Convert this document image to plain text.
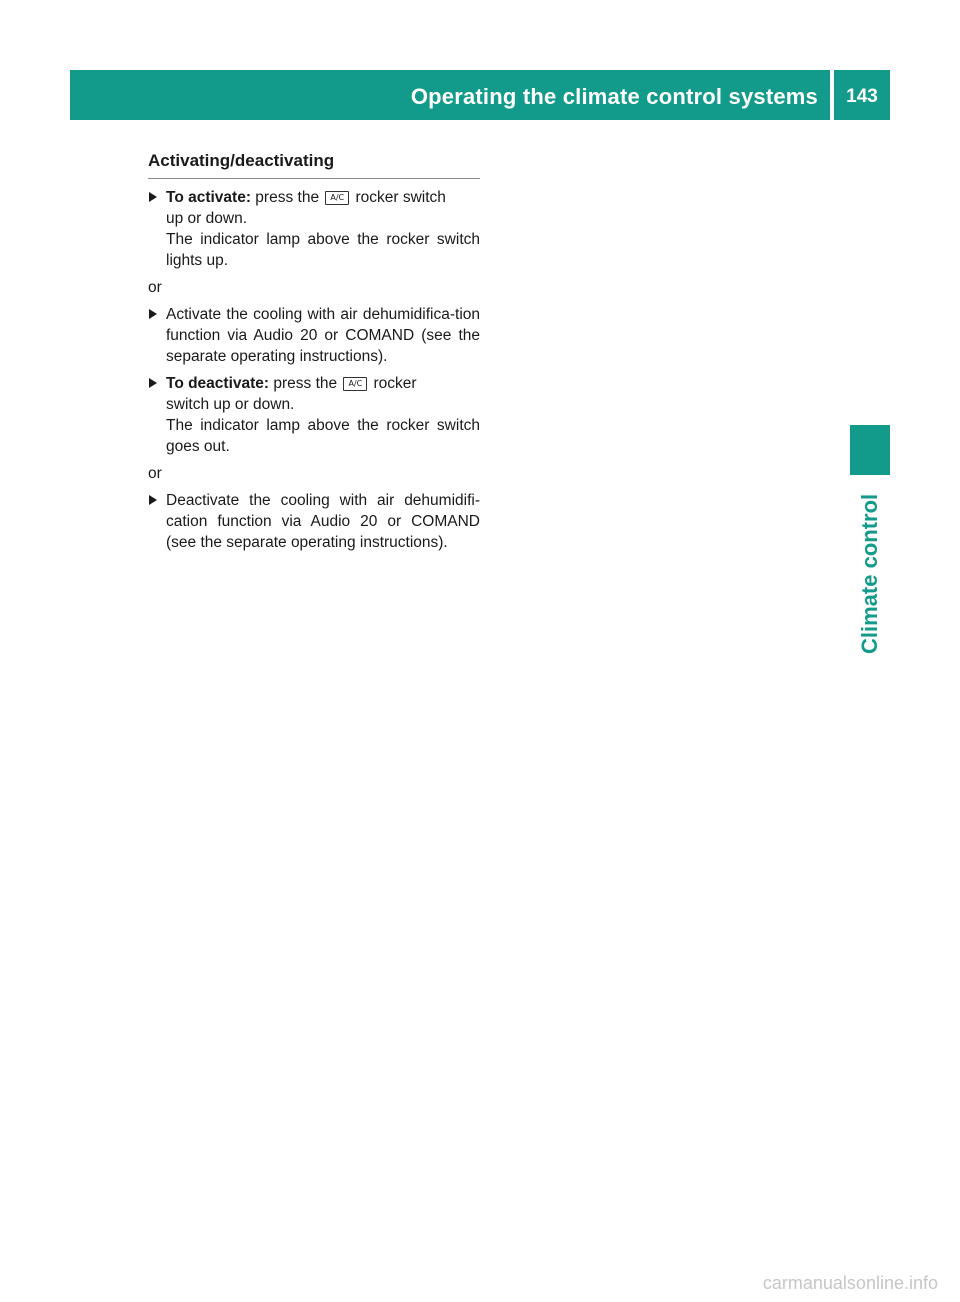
Operating the climate control systems	143
Climate control
Activating/deactivating
To activate: press the A/C rocker switch
up or down.
The indicator lamp above the rocker switch lights up.
or
Activate the cooling with air dehumidifica-tion function via Audio 20 or COMAND (see the separate operating instructions).
To deactivate: press the A/C rocker
switch up or down.
The indicator lamp above the rocker switch goes out.
or
Deactivate the cooling with air dehumidifi-cation function via Audio 20 or COMAND (see the separate operating instructions).
carmanualsonline.info
